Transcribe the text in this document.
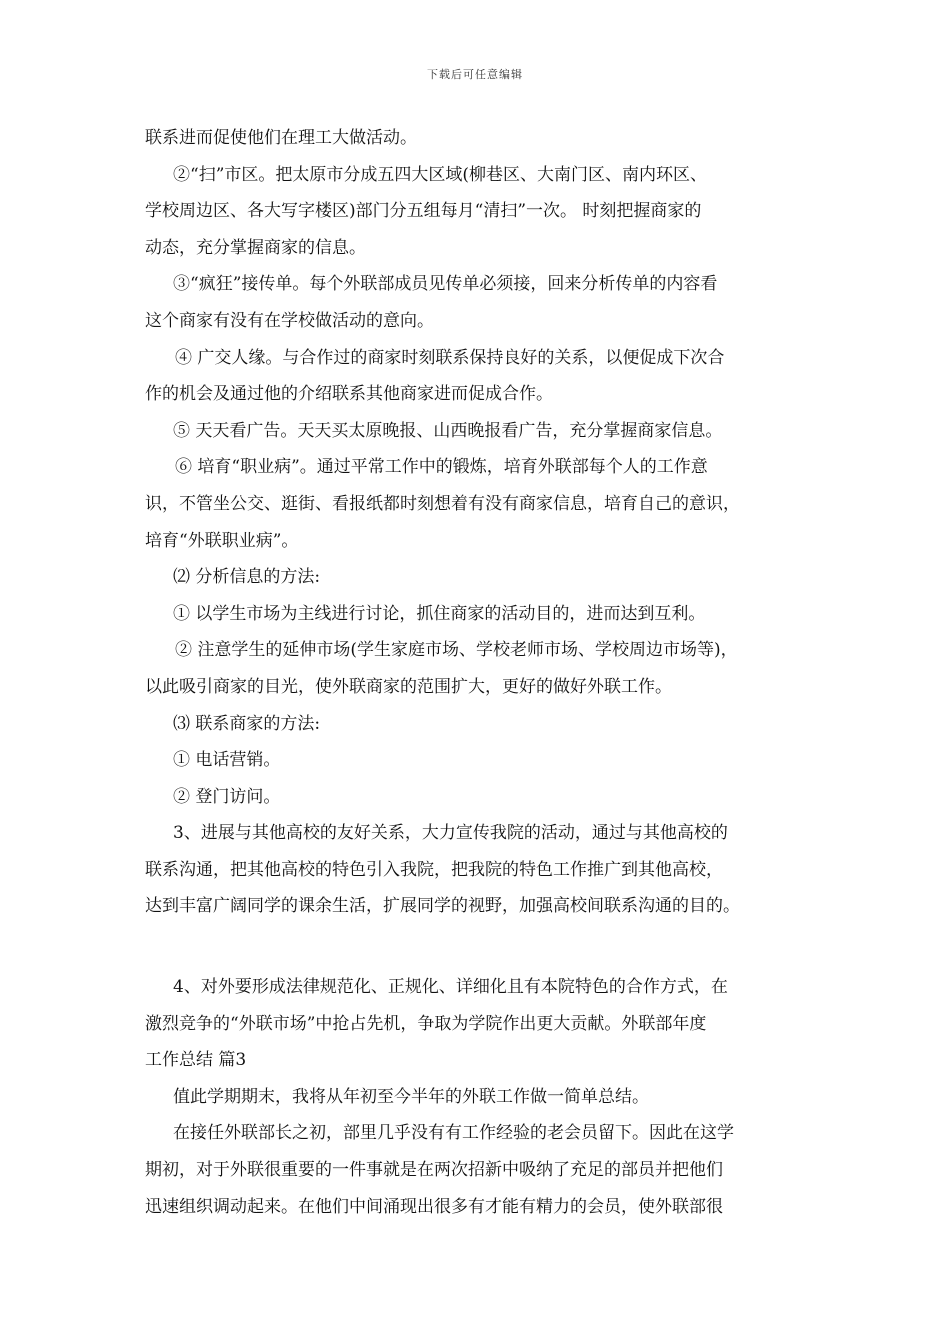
下载后可任意编辑
联系进而促使他们在理工大做活动。
②“扫”市区。把太原市分成五四大区域(柳巷区、大南门区、南内环区、
学校周边区、各大写字楼区)部门分五组每月“清扫”一次。 时刻把握商家的
动态，充分掌握商家的信息。
③“疯狂”接传单。每个外联部成员见传单必须接，回来分析传单的内容看
这个商家有没有在学校做活动的意向。
④ 广交人缘。与合作过的商家时刻联系保持良好的关系，以便促成下次合
作的机会及通过他的介绍联系其他商家进而促成合作。
⑤ 天天看广告。天天买太原晚报、山西晚报看广告，充分掌握商家信息。
⑥ 培育“职业病”。通过平常工作中的锻炼，培育外联部每个人的工作意
识，不管坐公交、逛街、看报纸都时刻想着有没有商家信息，培育自己的意识，
培育“外联职业病”。
⑵ 分析信息的方法:
① 以学生市场为主线进行讨论，抓住商家的活动目的，进而达到互利。
② 注意学生的延伸市场(学生家庭市场、学校老师市场、学校周边市场等)，
以此吸引商家的目光，使外联商家的范围扩大，更好的做好外联工作。
⑶ 联系商家的方法:
① 电话营销。
② 登门访问。
3、进展与其他高校的友好关系，大力宣传我院的活动，通过与其他高校的
联系沟通，把其他高校的特色引入我院，把我院的特色工作推广到其他高校，
达到丰富广阔同学的课余生活，扩展同学的视野，加强高校间联系沟通的目的。
4、对外要形成法律规范化、正规化、详细化且有本院特色的合作方式，在
激烈竞争的“外联市场”中抢占先机，争取为学院作出更大贡献。外联部年度
工作总结 篇3
值此学期期末，我将从年初至今半年的外联工作做一简单总结。
在接任外联部长之初，部里几乎没有有工作经验的老会员留下。因此在这学
期初，对于外联很重要的一件事就是在两次招新中吸纳了充足的部员并把他们
迅速组织调动起来。在他们中间涌现出很多有才能有精力的会员，使外联部很
